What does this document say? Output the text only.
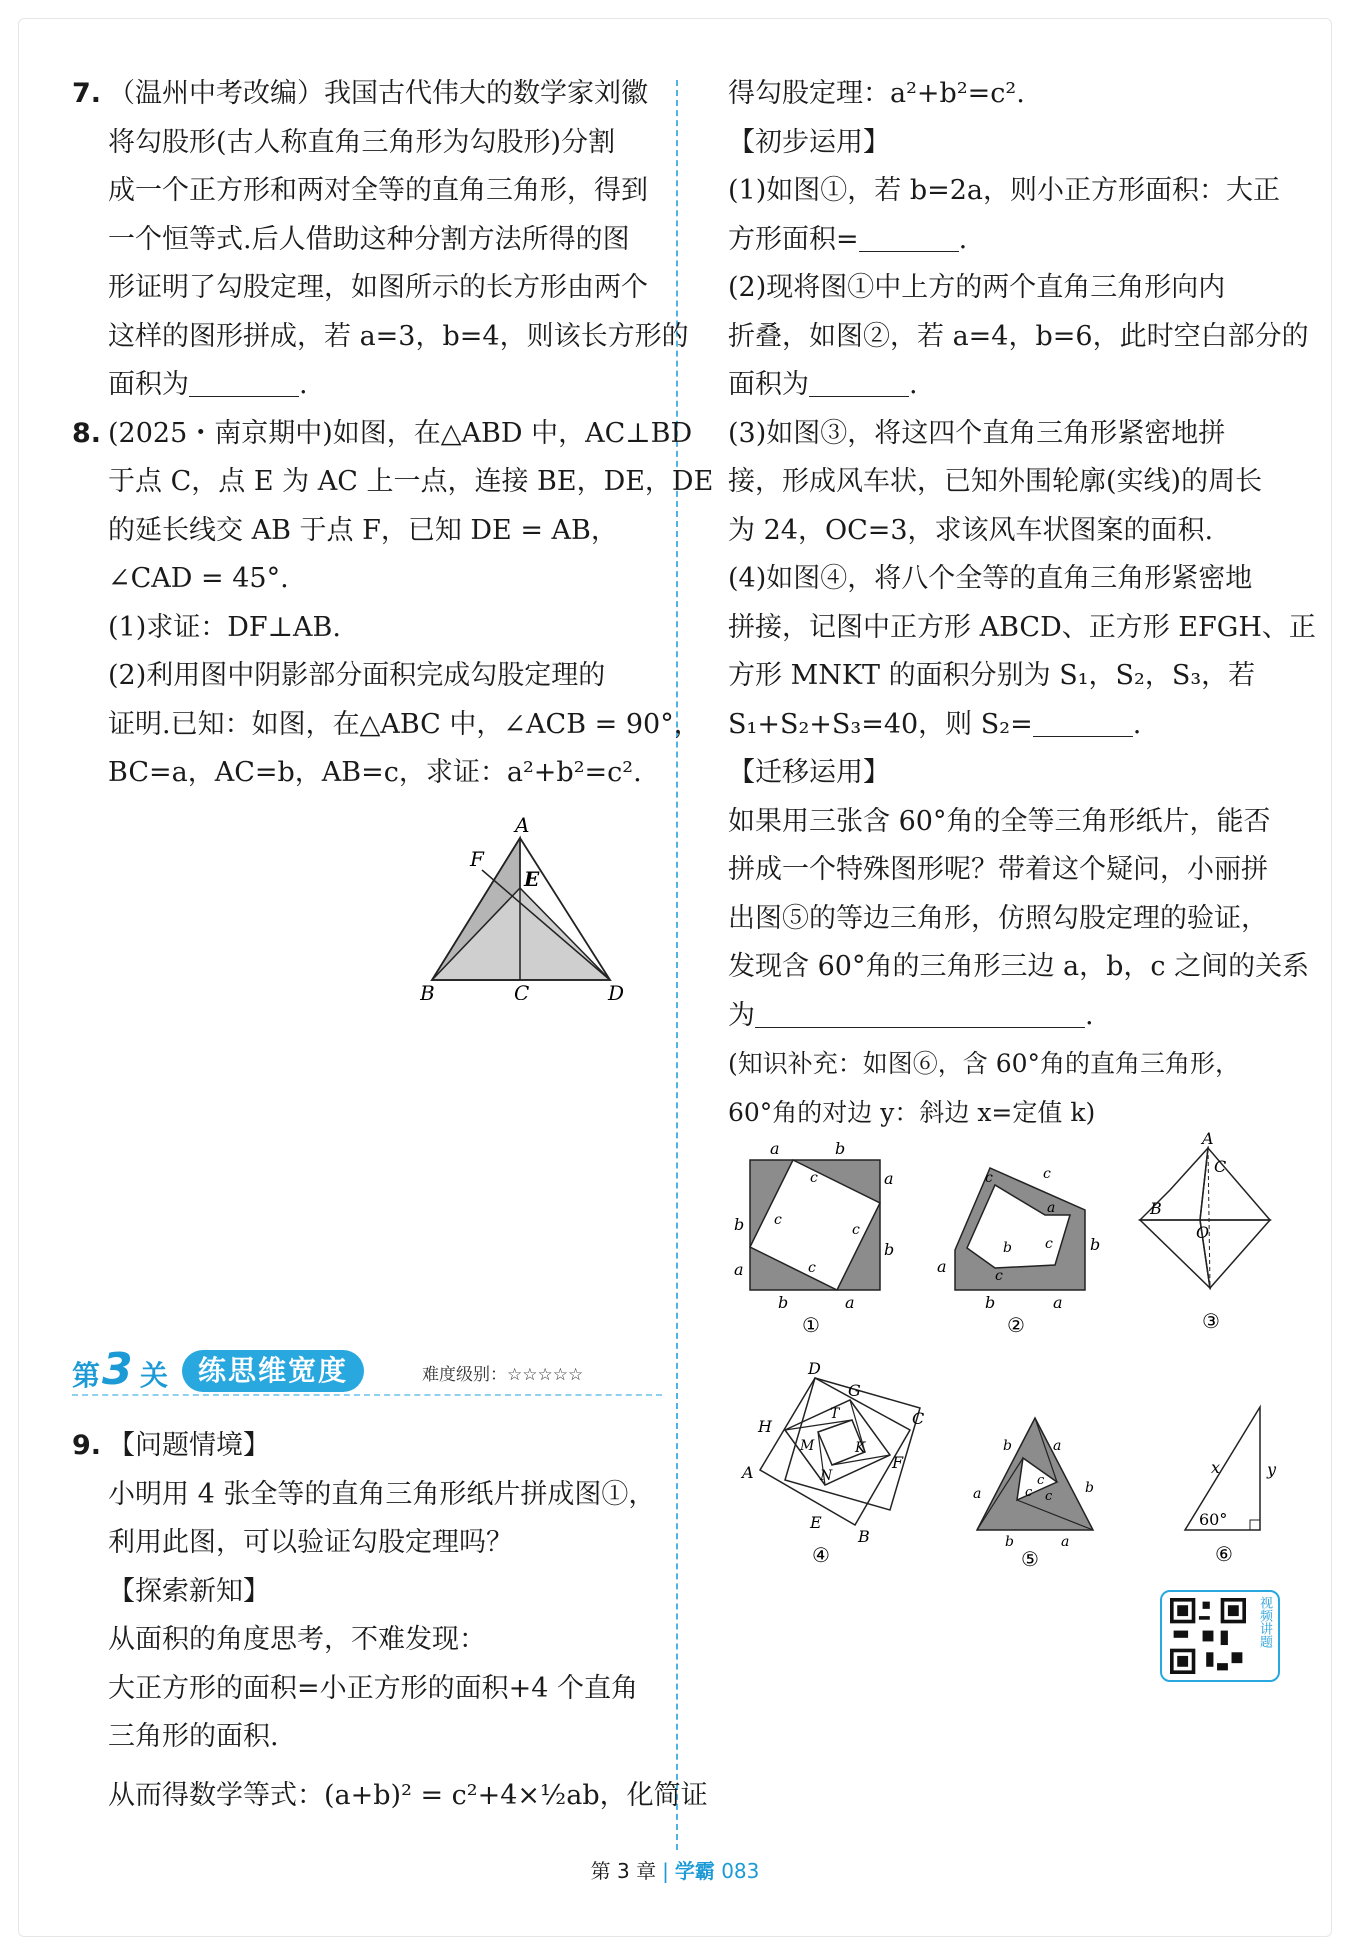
7. （温州中考改编）我国古代伟大的数学家刘徽
将勾股形(古人称直角三角形为勾股形)分割
成一个正方形和两对全等的直角三角形，得到
一个恒等式.后人借助这种分割方法所得的图
形证明了勾股定理，如图所示的长方形由两个
这样的图形拼成，若 a=3，b=4，则该长方形的
面积为	.
8. (2025・南京期中)如图，在△ABD 中，AC⊥BD
于点 C，点 E 为 AC 上一点，连接 BE，DE，DE
的延长线交 AB 于点 F，已知 DE = AB，
∠CAD = 45°.
(1)求证：DF⊥AB.
(2)利用图中阴影部分面积完成勾股定理的
证明.已知：如图，在△ABC 中，∠ACB = 90°，
BC=a，AC=b，AB=c，求证：a²+b²=c².
A
B	C	D
E
F
第 3 关	练思维宽度	难度级别：☆☆☆☆☆
9. 【问题情境】
小明用 4 张全等的直角三角形纸片拼成图①，
利用此图，可以验证勾股定理吗？
【探索新知】
从面积的角度思考，不难发现：
大正方形的面积=小正方形的面积+4 个直角
三角形的面积.
从而得数学等式：(a+b)² = c²+4×½ab，化简证
得勾股定理：a²+b²=c².
【初步运用】
(1)如图①，若 b=2a，则小正方形面积：大正
方形面积=	.
(2)现将图①中上方的两个直角三角形向内
折叠，如图②，若 a=4，b=6，此时空白部分的
面积为	.
(3)如图③，将这四个直角三角形紧密地拼
接，形成风车状，已知外围轮廓(实线)的周长
为 24，OC=3，求该风车状图案的面积.
(4)如图④，将八个全等的直角三角形紧密地
拼接，记图中正方形 ABCD、正方形 EFGH、正
方形 MNKT 的面积分别为 S₁，S₂，S₃，若
S₁+S₂+S₃=40，则 S₂=	.
【迁移运用】
如果用三张含 60°角的全等三角形纸片，能否
拼成一个特殊图形呢？带着这个疑问，小丽拼
出图⑤的等边三角形，仿照勾股定理的验证，
发现含 60°角的三角形三边 a，b，c 之间的关系
为	.
(知识补充：如图⑥，含 60°角的直角三角形，
60°角的对边 y：斜边 x=定值 k)
a	b
a
b
b
a
b	a
c
c
c
c
①
c	c
a
b
a
b c
c
b	a
②
A
C
B
O
③
D
G
H	C
A
F
E
B
T
M	K
N
④
b	a
a	b
c
c
c
b	a
⑤
x	y
60°
⑥
视频讲题
第 3 章 | 学霸 083
